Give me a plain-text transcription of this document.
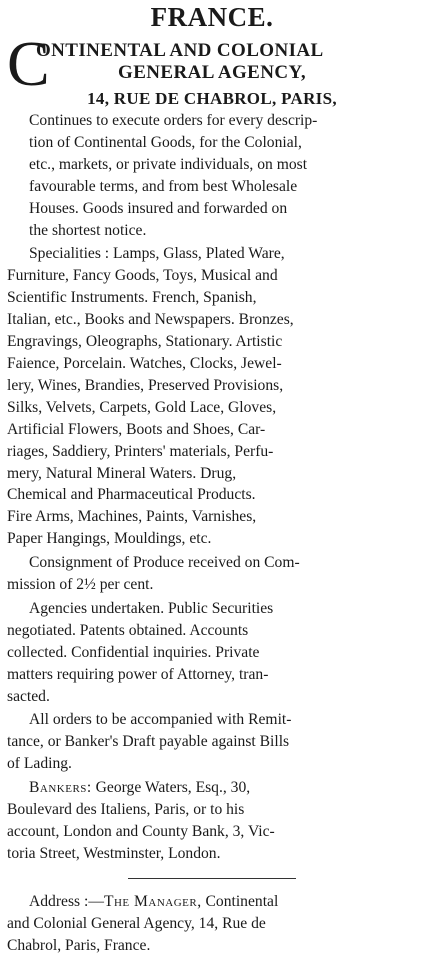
FRANCE.
C
ONTINENTAL AND COLONIAL
GENERAL AGENCY,
14, RUE DE CHABROL, PARIS,
Continues to execute orders for every descrip-
tion of Continental Goods, for the Colonial,
etc., markets, or private individuals, on most
favourable terms, and from best Wholesale
Houses. Goods insured and forwarded on
the shortest notice.
Specialities : Lamps, Glass, Plated Ware,
Furniture, Fancy Goods, Toys, Musical and
Scientific Instruments. French, Spanish,
Italian, etc., Books and Newspapers. Bronzes,
Engravings, Oleographs, Stationary. Artistic
Faience, Porcelain. Watches, Clocks, Jewel-
lery, Wines, Brandies, Preserved Provisions,
Silks, Velvets, Carpets, Gold Lace, Gloves,
Artificial Flowers, Boots and Shoes, Car-
riages, Saddiery, Printers' materials, Perfu-
mery, Natural Mineral Waters. Drug,
Chemical and Pharmaceutical Products.
Fire Arms, Machines, Paints, Varnishes,
Paper Hangings, Mouldings, etc.
Consignment of Produce received on Com-
mission of 2½ per cent.
Agencies undertaken. Public Securities
negotiated. Patents obtained. Accounts
collected. Confidential inquiries. Private
matters requiring power of Attorney, tran-
sacted.
All orders to be accompanied with Remit-
tance, or Banker's Draft payable against Bills
of Lading.
Bankers: George Waters, Esq., 30,
Boulevard des Italiens, Paris, or to his
account, London and County Bank, 3, Vic-
toria Street, Westminster, London.
Address :—The Manager, Continental
and Colonial General Agency, 14, Rue de
Chabrol, Paris, France.
